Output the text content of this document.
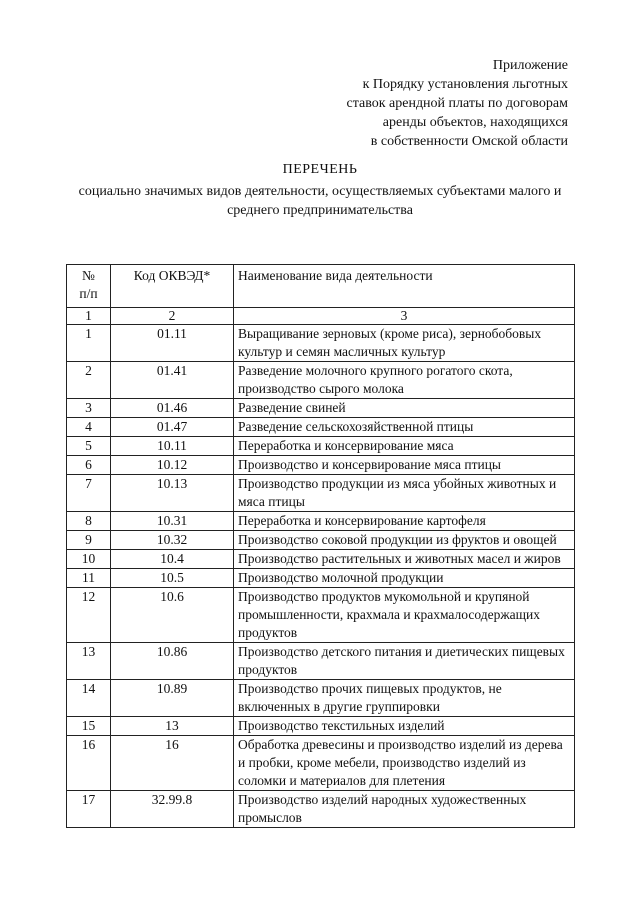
Приложение
к Порядку установления льготных
ставок арендной платы по договорам
аренды объектов, находящихся
в собственности Омской области
ПЕРЕЧЕНЬ
социально значимых видов деятельности, осуществляемых субъектами малого и среднего предпринимательства
№
п/п	Код ОКВЭД*	Наименование вида деятельности
1	2	3
1	01.11	Выращивание зерновых (кроме риса), зернобобовых культур и семян масличных культур
2	01.41	Разведение молочного крупного рогатого скота, производство сырого молока
3	01.46	Разведение свиней
4	01.47	Разведение сельскохозяйственной птицы
5	10.11	Переработка и консервирование мяса
6	10.12	Производство и консервирование мяса птицы
7	10.13	Производство продукции из мяса убойных животных и мяса птицы
8	10.31	Переработка и консервирование картофеля
9	10.32	Производство соковой продукции из фруктов и овощей
10	10.4	Производство растительных и животных масел и жиров
11	10.5	Производство молочной продукции
12	10.6	Производство продуктов мукомольной и крупяной промышленности, крахмала и крахмалосодержащих продуктов
13	10.86	Производство детского питания и диетических пищевых продуктов
14	10.89	Производство прочих пищевых продуктов, не включенных в другие группировки
15	13	Производство текстильных изделий
16	16	Обработка древесины и производство изделий из дерева и пробки, кроме мебели, производство изделий из соломки и материалов для плетения
17	32.99.8	Производство изделий народных художественных промыслов
